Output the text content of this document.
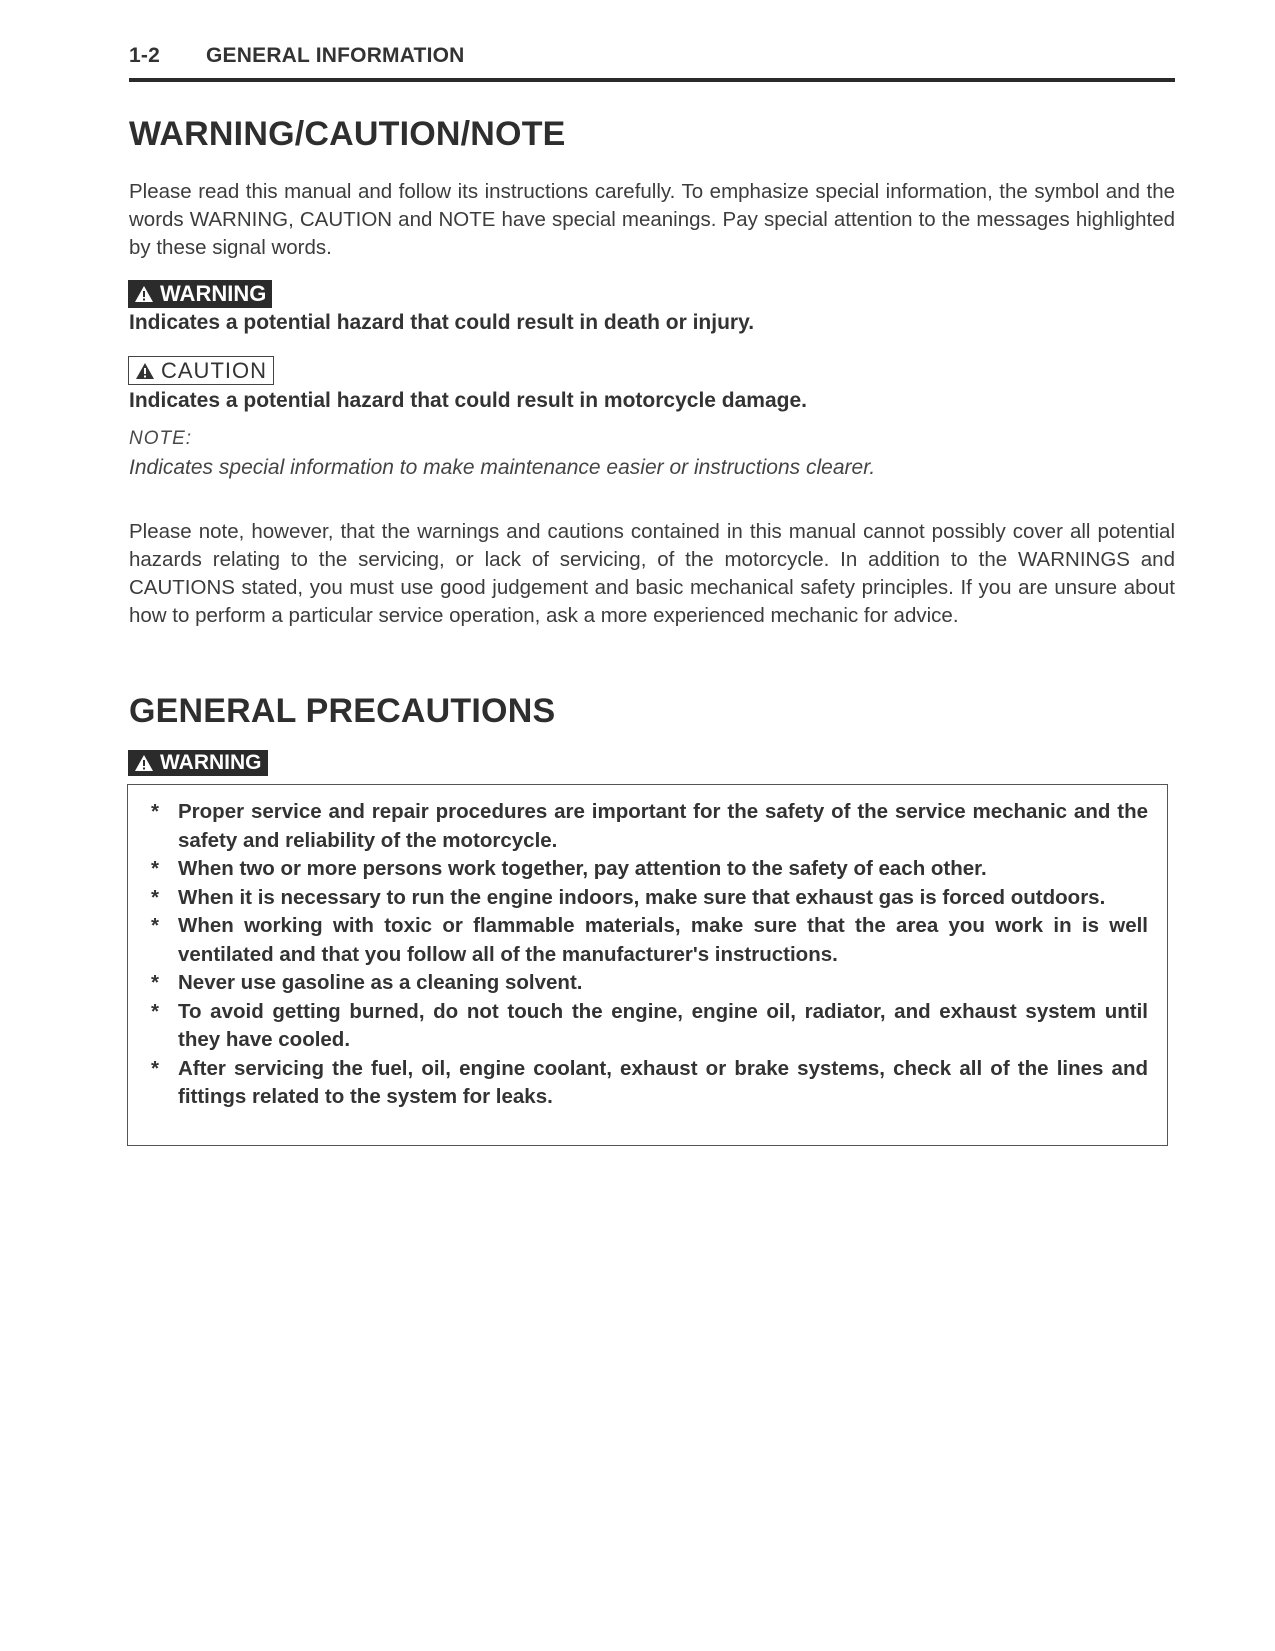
1-2 GENERAL INFORMATION
WARNING/CAUTION/NOTE

Please read this manual and follow its instructions carefully. To emphasize special information, the symbol and the words WARNING, CAUTION and NOTE have special meanings. Pay special attention to the messages highlighted by these signal words.

WARNING
Indicates a potential hazard that could result in death or injury.
CAUTION
Indicates a potential hazard that could result in motorcycle damage.
NOTE:
Indicates special information to make maintenance easier or instructions clearer.

Please note, however, that the warnings and cautions contained in this manual cannot possibly cover all potential hazards relating to the servicing, or lack of servicing, of the motorcycle. In addition to the WARNINGS and CAUTIONS stated, you must use good judgement and basic mechanical safety principles. If you are unsure about how to perform a particular service operation, ask a more experienced mechanic for advice.

GENERAL PRECAUTIONS
WARNING
* Proper service and repair procedures are important for the safety of the service mechanic and the safety and reliability of the motorcycle.
* When two or more persons work together, pay attention to the safety of each other.
* When it is necessary to run the engine indoors, make sure that exhaust gas is forced outdoors.
* When working with toxic or flammable materials, make sure that the area you work in is well ventilated and that you follow all of the manufacturer's instructions.
* Never use gasoline as a cleaning solvent.
* To avoid getting burned, do not touch the engine, engine oil, radiator, and exhaust system until they have cooled.
* After servicing the fuel, oil, engine coolant, exhaust or brake systems, check all of the lines and fittings related to the system for leaks.
